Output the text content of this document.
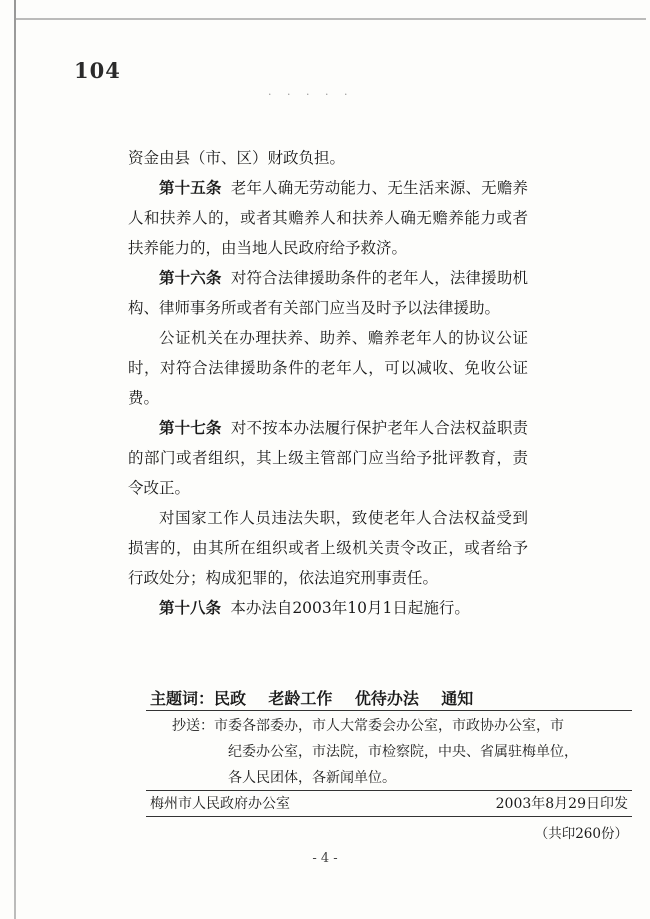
104
· · · · ·

资金由县（市、区）财政负担。

第十五条 老年人确无劳动能力、无生活来源、无赡养人和扶养人的，或者其赡养人和扶养人确无赡养能力或者扶养能力的，由当地人民政府给予救济。

第十六条 对符合法律援助条件的老年人，法律援助机构、律师事务所或者有关部门应当及时予以法律援助。

公证机关在办理扶养、助养、赡养老年人的协议公证时，对符合法律援助条件的老年人，可以减收、免收公证费。

第十七条 对不按本办法履行保护老年人合法权益职责的部门或者组织，其上级主管部门应当给予批评教育，责令改正。

对国家工作人员违法失职，致使老年人合法权益受到损害的，由其所在组织或者上级机关责令改正，或者给予行政处分；构成犯罪的，依法追究刑事责任。

第十八条 本办法自2003年10月1日起施行。

主题词：民政 老龄工作 优待办法 通知
抄送：市委各部委办，市人大常委会办公室，市政协办公室，市
纪委办公室，市法院，市检察院，中央、省属驻梅单位，
各人民团体，各新闻单位。
梅州市人民政府办公室	2003年8月29日印发
（共印260份）
- 4 -
